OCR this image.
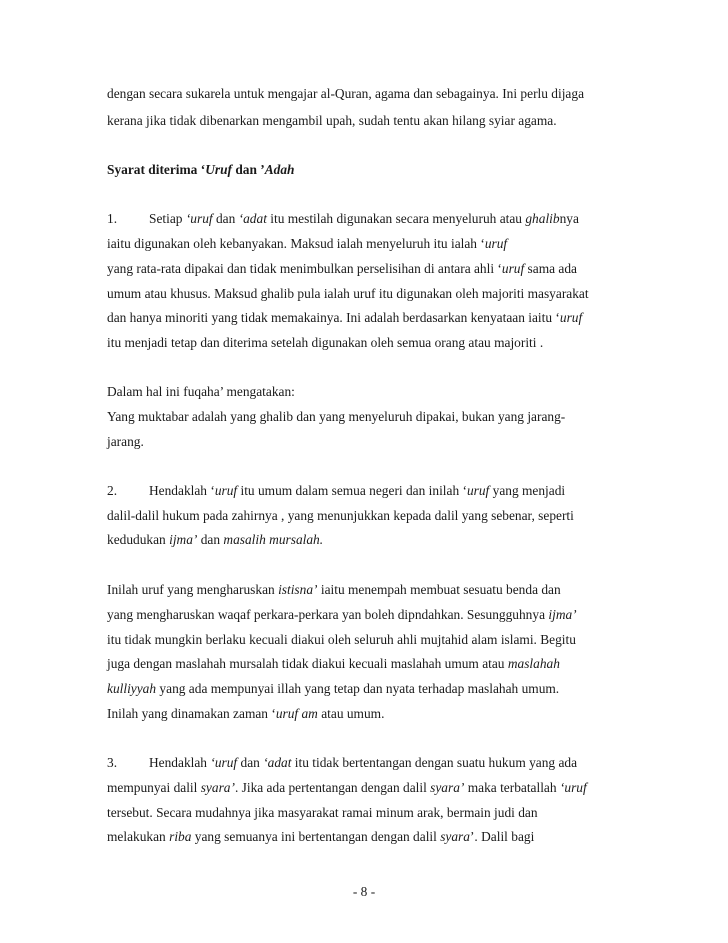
dengan secara sukarela untuk mengajar al-Quran, agama dan sebagainya. Ini perlu dijaga
kerana jika tidak dibenarkan mengambil upah, sudah tentu akan hilang syiar agama.
Syarat diterima ‘Uruf dan ’Adah
1. Setiap ‘uruf dan ‘adat itu mestilah digunakan secara menyeluruh atau ghalibnya
iaitu digunakan oleh kebanyakan. Maksud ialah menyeluruh itu ialah ‘uruf
yang rata-rata dipakai dan tidak menimbulkan perselisihan di antara ahli ‘uruf sama ada
umum atau khusus. Maksud ghalib pula ialah uruf itu digunakan oleh majoriti masyarakat
dan hanya minoriti yang tidak memakainya. Ini adalah berdasarkan kenyataan iaitu ‘uruf
itu menjadi tetap dan diterima setelah digunakan oleh semua orang atau majoriti .
Dalam hal ini fuqaha’ mengatakan:
Yang muktabar adalah yang ghalib dan yang menyeluruh dipakai, bukan yang jarang-
jarang.
2. Hendaklah ‘uruf itu umum dalam semua negeri dan inilah ‘uruf yang menjadi
dalil-dalil hukum pada zahirnya , yang menunjukkan kepada dalil yang sebenar, seperti
kedudukan ijma’ dan masalih mursalah.
Inilah uruf yang mengharuskan istisna’ iaitu menempah membuat sesuatu benda dan
yang mengharuskan waqaf perkara-perkara yan boleh dipndahkan. Sesungguhnya ijma’
itu tidak mungkin berlaku kecuali diakui oleh seluruh ahli mujtahid alam islami. Begitu
juga dengan maslahah mursalah tidak diakui kecuali maslahah umum atau maslahah
kulliyyah yang ada mempunyai illah yang tetap dan nyata terhadap maslahah umum.
Inilah yang dinamakan zaman ‘uruf am atau umum.
3. Hendaklah ‘uruf dan ‘adat itu tidak bertentangan dengan suatu hukum yang ada
mempunyai dalil syara’. Jika ada pertentangan dengan dalil syara’ maka terbatallah ‘uruf
tersebut. Secara mudahnya jika masyarakat ramai minum arak, bermain judi dan
melakukan riba yang semuanya ini bertentangan dengan dalil syara’. Dalil bagi
- 8 -
